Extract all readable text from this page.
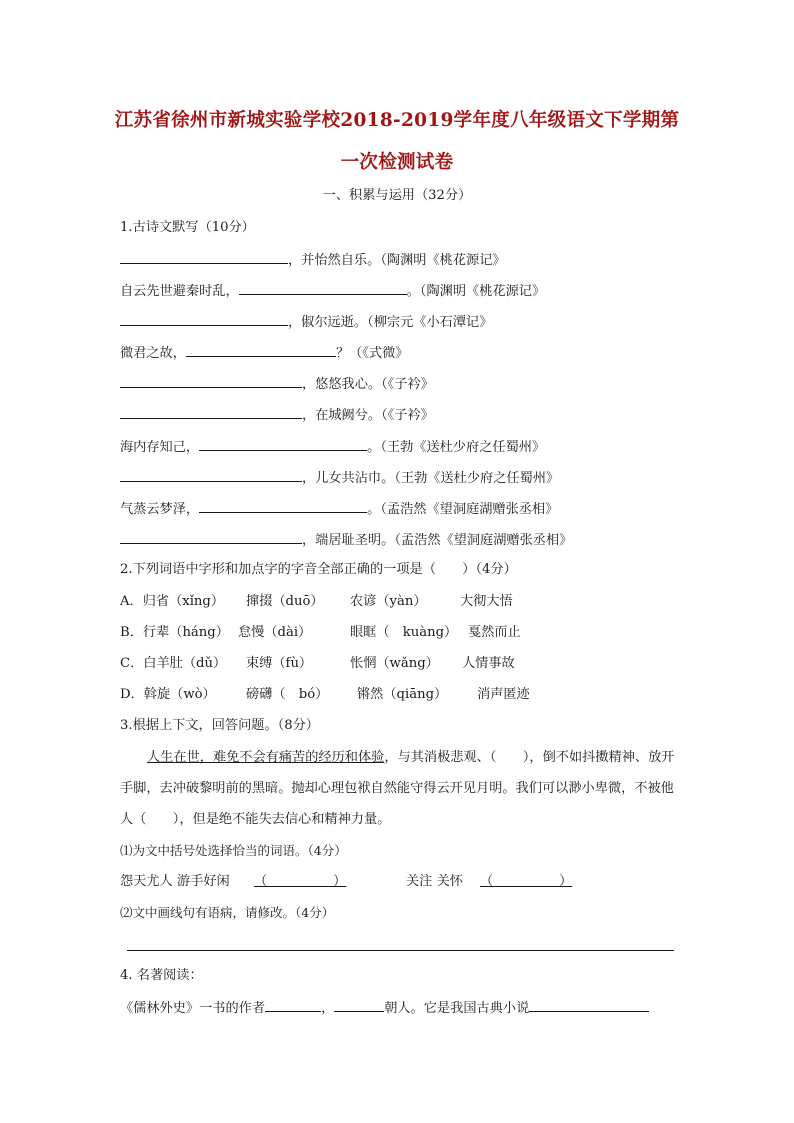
江苏省徐州市新城实验学校2018-2019学年度八年级语文下学期第
一次检测试卷
一、积累与运用（32分）
1.古诗文默写（10分）
，并怡然自乐。（陶渊明《桃花源记》
自云先世避秦时乱，	。（陶渊明《桃花源记》
，俶尔远逝。（柳宗元《小石潭记》
微君之故，	？（《式微》
，悠悠我心。（《子衿》
，在城阙兮。（《子衿》
海内存知己，	。（王勃《送杜少府之任蜀州》
，儿女共沾巾。（王勃《送杜少府之任蜀州》
气蒸云梦泽，	。（孟浩然《望洞庭湖赠张丞相》
，端居耻圣明。（孟浩然《望洞庭湖赠张丞相》
2.下列词语中字形和加点字的字音全部正确的一项是（　　）（4分）
A．归省（xǐng） 撺掇（duō） 农谚（yàn）	大彻大悟
B．行辈（háng） 怠慢（dài）	眼眶（　kuàng） 戛然而止
C．白羊肚（dǔ） 束缚（fù）	怅惘（wǎng） 人情事故
D．斡旋（wò） 磅礴（　bó） 锵然（qiāng） 消声匿迹
3.根据上下文，回答问题。（8分）
人生在世，难免不会有痛苦的经历和体验，与其消极悲观、（　　），倒不如抖擞精神、放开手脚，去冲破黎明前的黑暗。抛却心理包袱自然能守得云开见月明。我们可以渺小卑微，不被他人（　　），但是绝不能失去信心和精神力量。
⑴为文中括号处选择恰当的词语。（4分）
怨天尤人 游手好闲 （　　　　　）	关注 关怀 （　　　　　）
⑵文中画线句有语病，请修改。（4分）
4. 名著阅读：
《儒林外史》一书的作者	，	朝人。它是我国古典小说
